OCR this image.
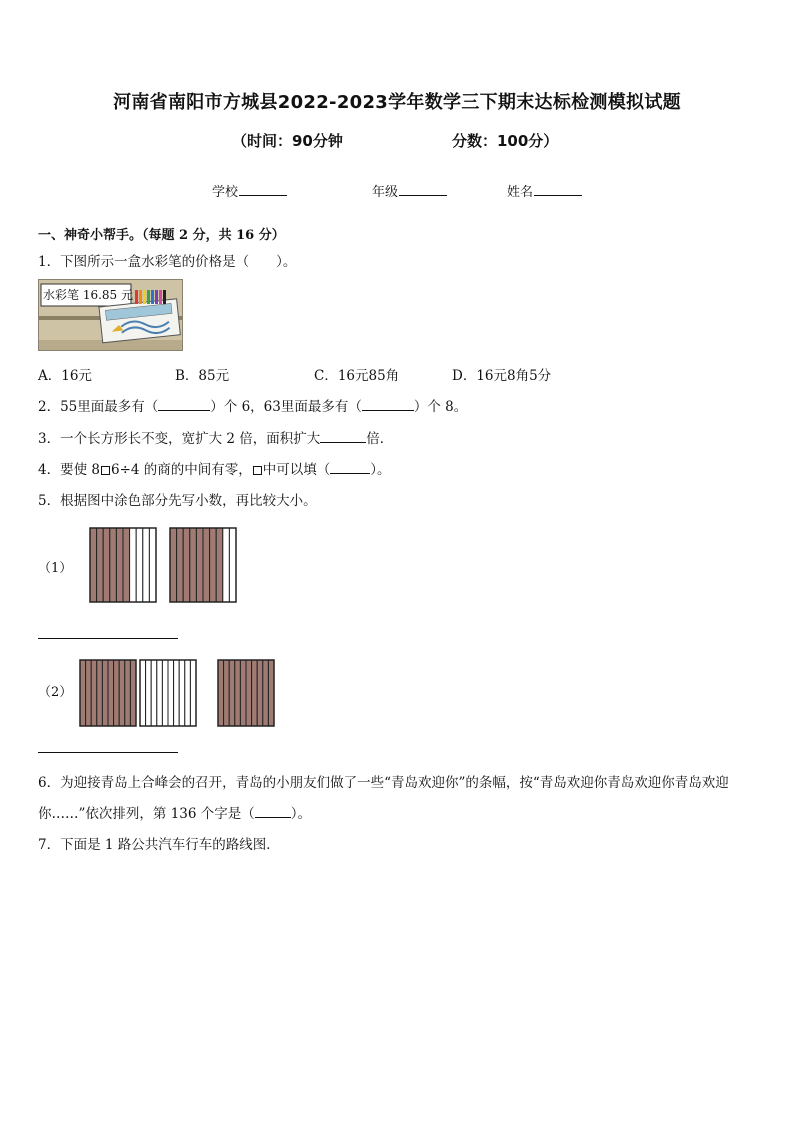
河南省南阳市方城县2022-2023学年数学三下期末达标检测模拟试题
（时间：90分钟	分数：100分）
学校	年级	姓名
一、神奇小帮手。（每题 2 分，共 16 分）
1．下图所示一盒水彩笔的价格是（　　）。
水彩笔 16.85 元
A．16元	B．85元	C．16元85角	D．16元8角5分
2．55里面最多有（	）个 6，63里面最多有（	）个 8。
3．一个长方形长不变，宽扩大 2 倍，面积扩大	倍．
4．要使 8 6÷4 的商的中间有零， 中可以填（	）。
5．根据图中涂色部分先写小数，再比较大小。
（1）
（2）
6．为迎接青岛上合峰会的召开，青岛的小朋友们做了一些“青岛欢迎你”的条幅，按“青岛欢迎你青岛欢迎你青岛欢迎
你……”依次排列，第 136 个字是（	）。
7．下面是 1 路公共汽车行车的路线图．
